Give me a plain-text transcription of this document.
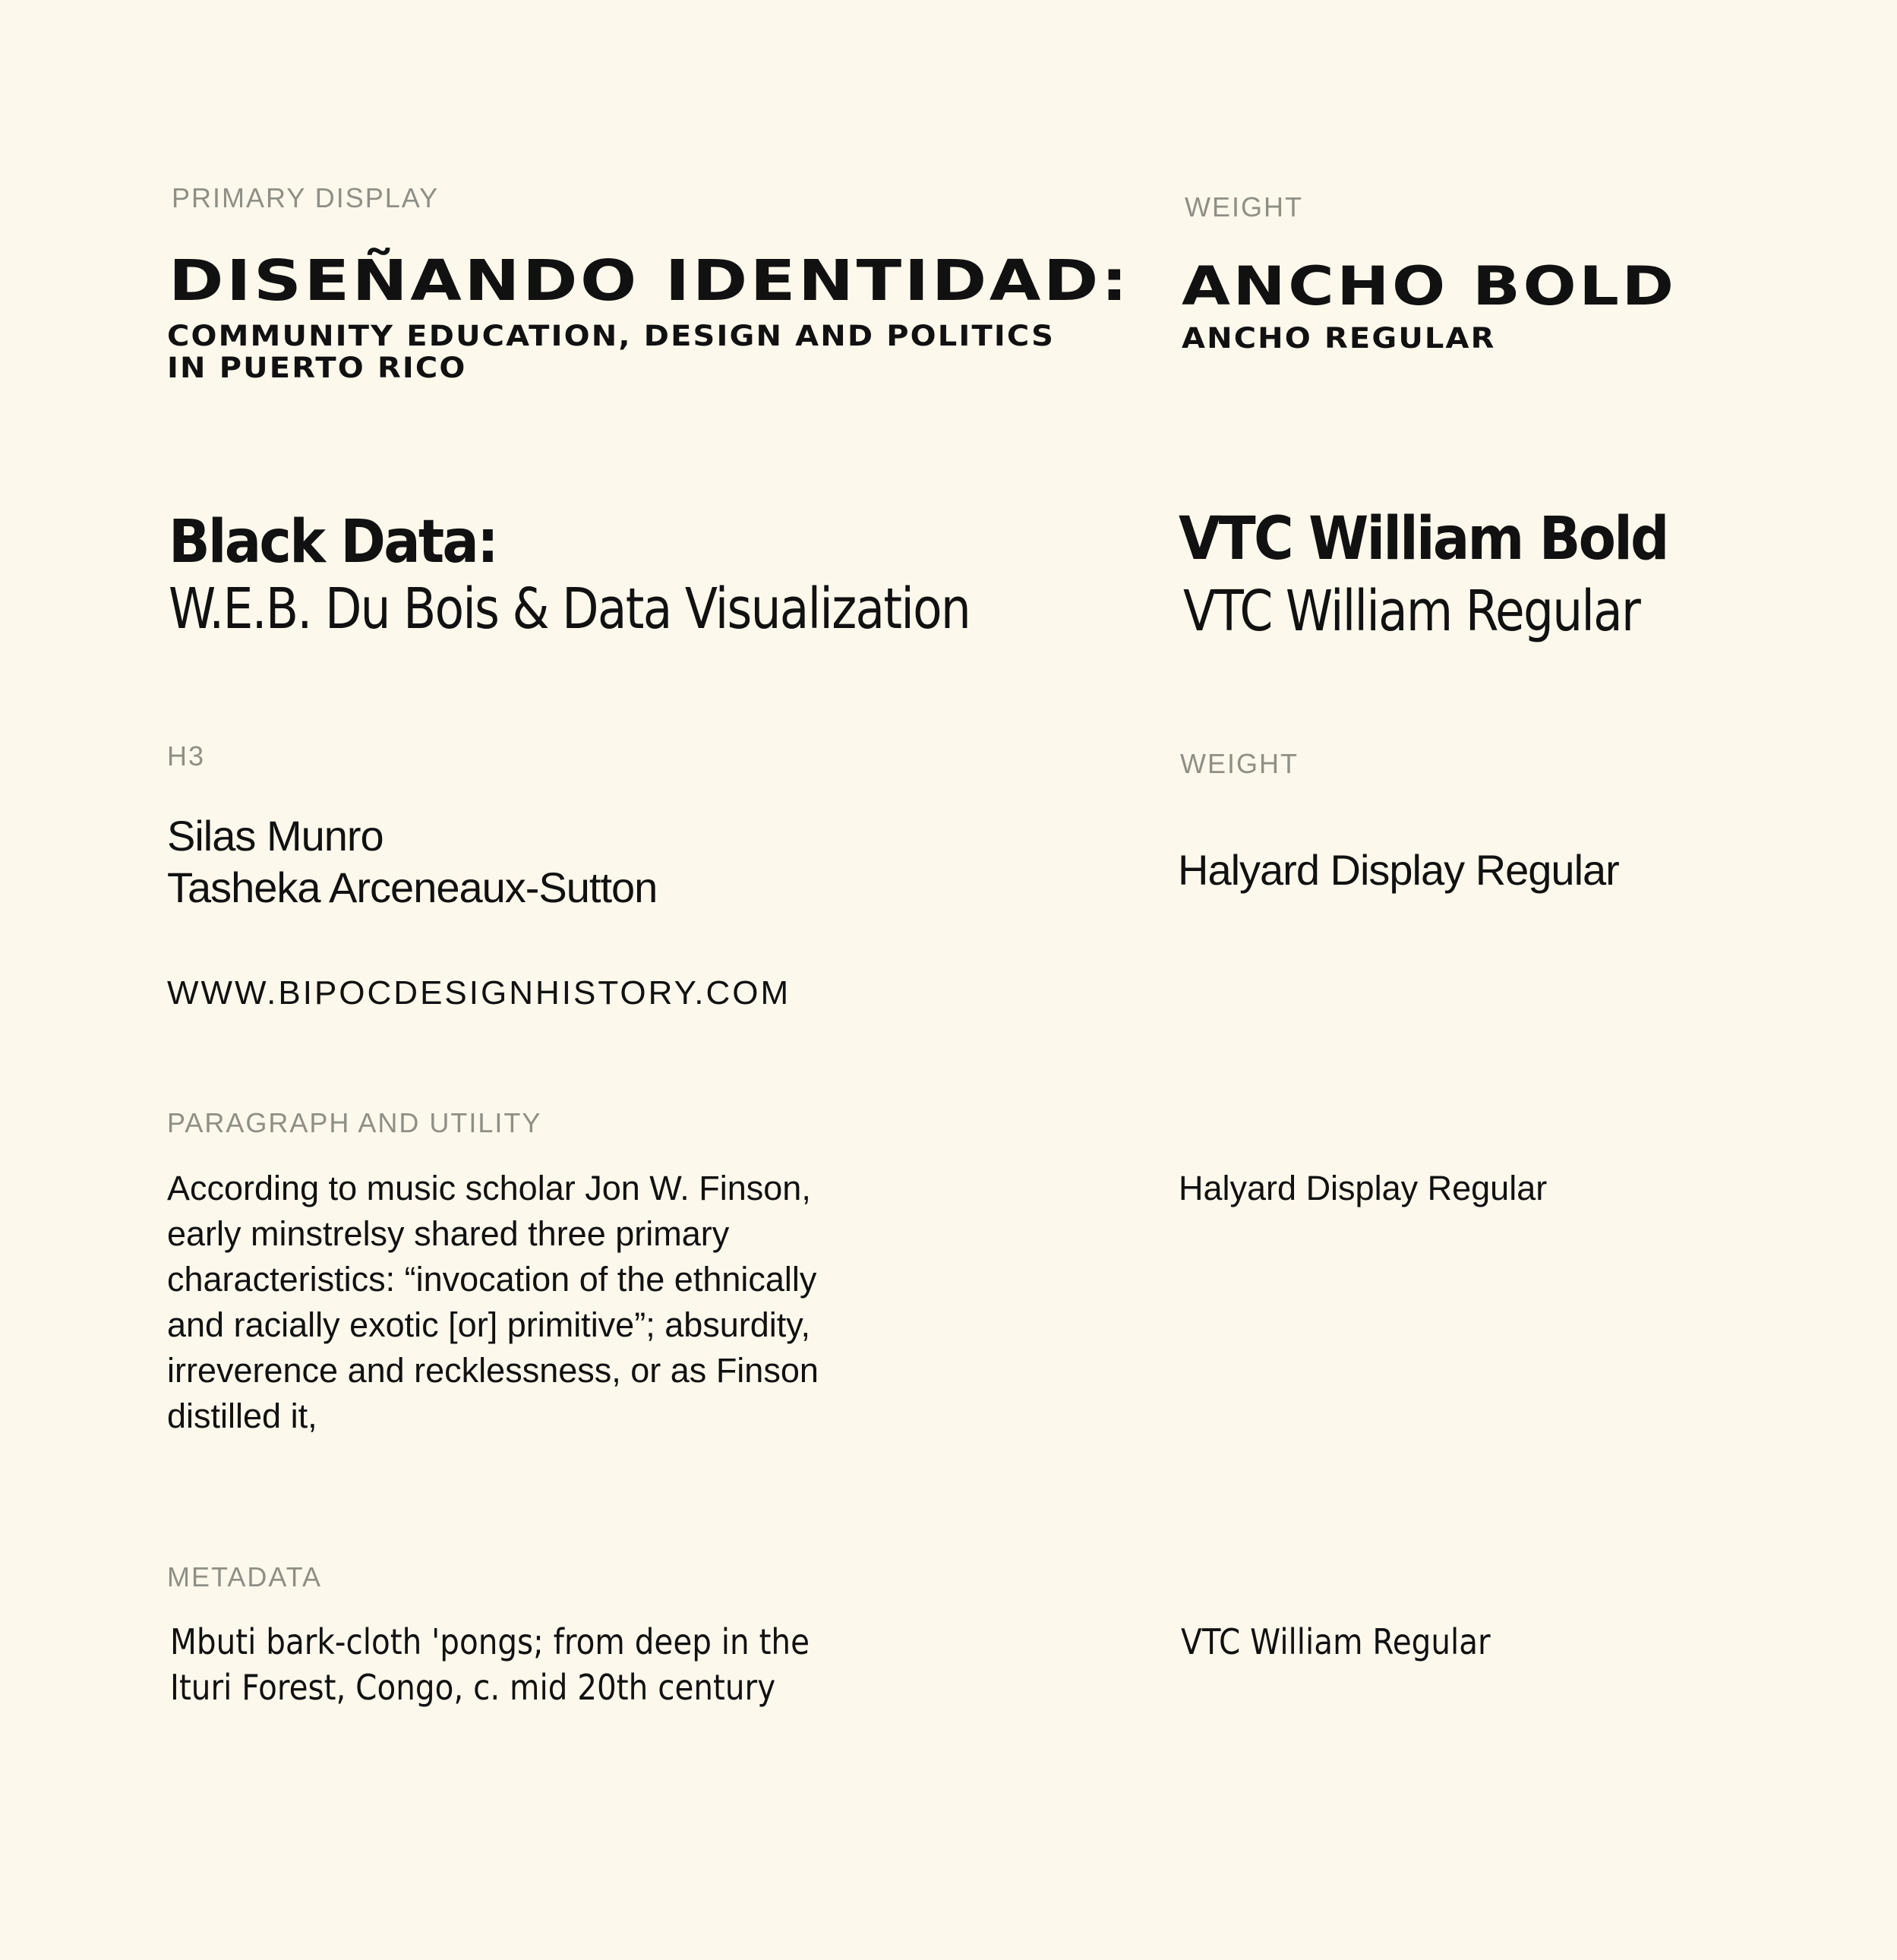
PRIMARY DISPLAY
DISEÑANDO IDENTIDAD:
COMMUNITY EDUCATION, DESIGN AND POLITICS
IN PUERTO RICO
WEIGHT
ANCHO BOLD
ANCHO REGULAR
Black Data:
W.E.B. Du Bois & Data Visualization
VTC William Bold
VTC William Regular
H3
Silas Munro
Tasheka Arceneaux-Sutton
WWW.BIPOCDESIGNHISTORY.COM
WEIGHT
Halyard Display Regular
PARAGRAPH AND UTILITY
According to music scholar Jon W. Finson,
early minstrelsy shared three primary
characteristics: “invocation of the ethnically
and racially exotic [or] primitive”; absurdity,
irreverence and recklessness, or as Finson
distilled it,
Halyard Display Regular
METADATA
Mbuti bark-cloth 'pongs; from deep in the
Ituri Forest, Congo, c. mid 20th century
VTC William Regular
